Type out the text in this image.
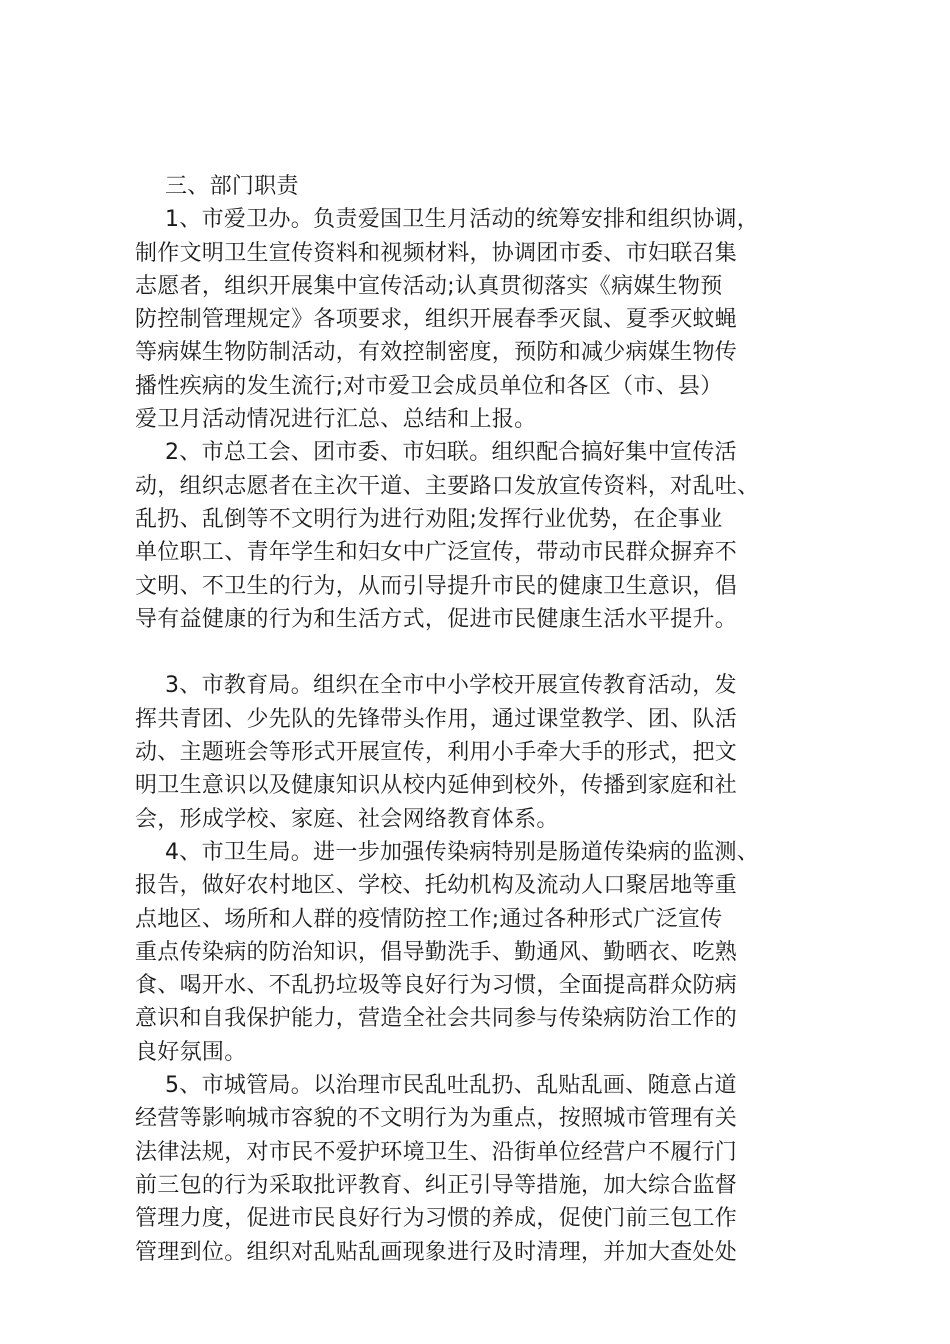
三、部门职责
1、市爱卫办。负责爱国卫生月活动的统筹安排和组织协调，
制作文明卫生宣传资料和视频材料，协调团市委、市妇联召集
志愿者，组织开展集中宣传活动;认真贯彻落实《病媒生物预
防控制管理规定》各项要求，组织开展春季灭鼠、夏季灭蚊蝇
等病媒生物防制活动，有效控制密度，预防和减少病媒生物传
播性疾病的发生流行;对市爱卫会成员单位和各区（市、县）
爱卫月活动情况进行汇总、总结和上报。
2、市总工会、团市委、市妇联。组织配合搞好集中宣传活
动，组织志愿者在主次干道、主要路口发放宣传资料，对乱吐、
乱扔、乱倒等不文明行为进行劝阻;发挥行业优势，在企事业
单位职工、青年学生和妇女中广泛宣传，带动市民群众摒弃不
文明、不卫生的行为，从而引导提升市民的健康卫生意识，倡
导有益健康的行为和生活方式，促进市民健康生活水平提升。
3、市教育局。组织在全市中小学校开展宣传教育活动，发
挥共青团、少先队的先锋带头作用，通过课堂教学、团、队活
动、主题班会等形式开展宣传，利用小手牵大手的形式，把文
明卫生意识以及健康知识从校内延伸到校外，传播到家庭和社
会，形成学校、家庭、社会网络教育体系。
4、市卫生局。进一步加强传染病特别是肠道传染病的监测、
报告，做好农村地区、学校、托幼机构及流动人口聚居地等重
点地区、场所和人群的疫情防控工作;通过各种形式广泛宣传
重点传染病的防治知识，倡导勤洗手、勤通风、勤晒衣、吃熟
食、喝开水、不乱扔垃圾等良好行为习惯，全面提高群众防病
意识和自我保护能力，营造全社会共同参与传染病防治工作的
良好氛围。
5、市城管局。以治理市民乱吐乱扔、乱贴乱画、随意占道
经营等影响城市容貌的不文明行为为重点，按照城市管理有关
法律法规，对市民不爱护环境卫生、沿街单位经营户不履行门
前三包的行为采取批评教育、纠正引导等措施，加大综合监督
管理力度，促进市民良好行为习惯的养成，促使门前三包工作
管理到位。组织对乱贴乱画现象进行及时清理，并加大查处处
